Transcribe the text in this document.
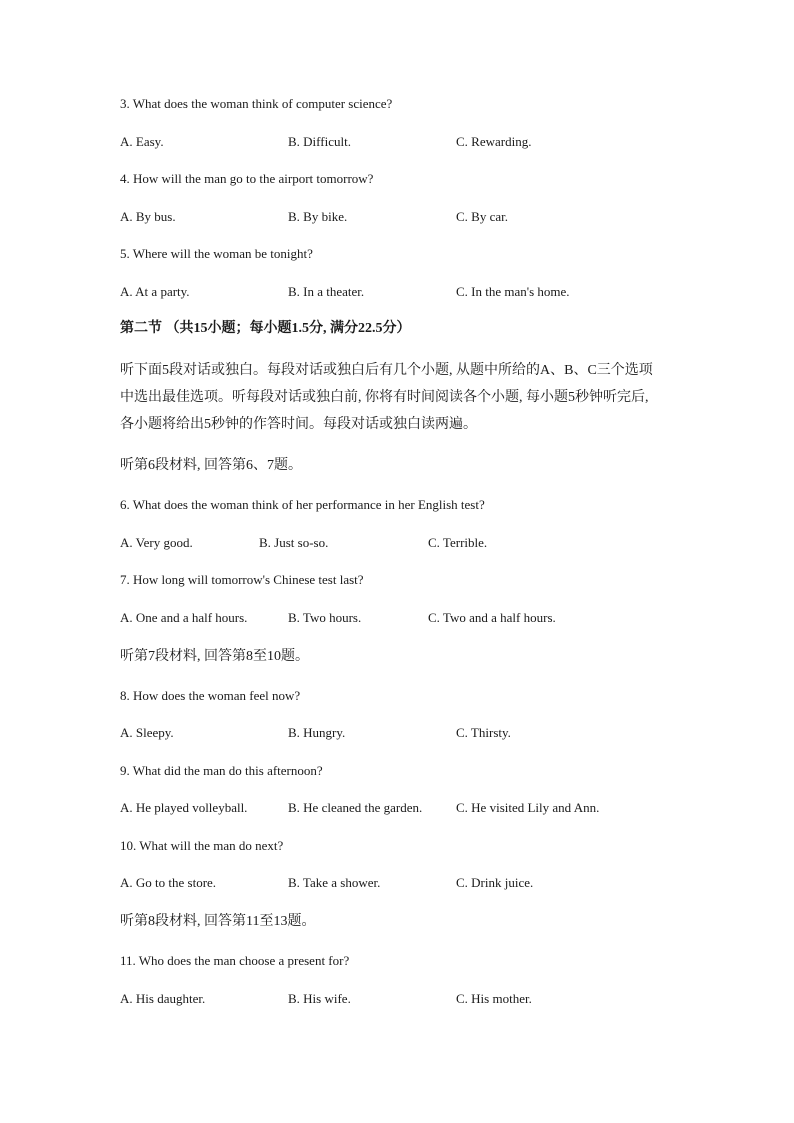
3. What does the woman think of computer science?
A. Easy.	B. Difficult.	C. Rewarding.
4. How will the man go to the airport tomorrow?
A. By bus.	B. By bike.	C. By car.
5. Where will the woman be tonight?
A. At a party.	B. In a theater.	C. In the man's home.
第二节 （共15小题；每小题1.5分, 满分22.5分）
听下面5段对话或独白。每段对话或独白后有几个小题, 从题中所给的A、B、C三个选项
中选出最佳选项。听每段对话或独白前, 你将有时间阅读各个小题, 每小题5秒钟听完后,
各小题将给出5秒钟的作答时间。每段对话或独白读两遍。
听第6段材料, 回答第6、7题。
6. What does the woman think of her performance in her English test?
A. Very good.	B. Just so-so.	C. Terrible.
7. How long will tomorrow's Chinese test last?
A. One and a half hours.	B. Two hours.	C. Two and a half hours.
听第7段材料, 回答第8至10题。
8. How does the woman feel now?
A. Sleepy.	B. Hungry.	C. Thirsty.
9. What did the man do this afternoon?
A. He played volleyball.	B. He cleaned the garden.	C. He visited Lily and Ann.
10. What will the man do next?
A. Go to the store.	B. Take a shower.	C. Drink juice.
听第8段材料, 回答第11至13题。
11. Who does the man choose a present for?
A. His daughter.	B. His wife.	C. His mother.
